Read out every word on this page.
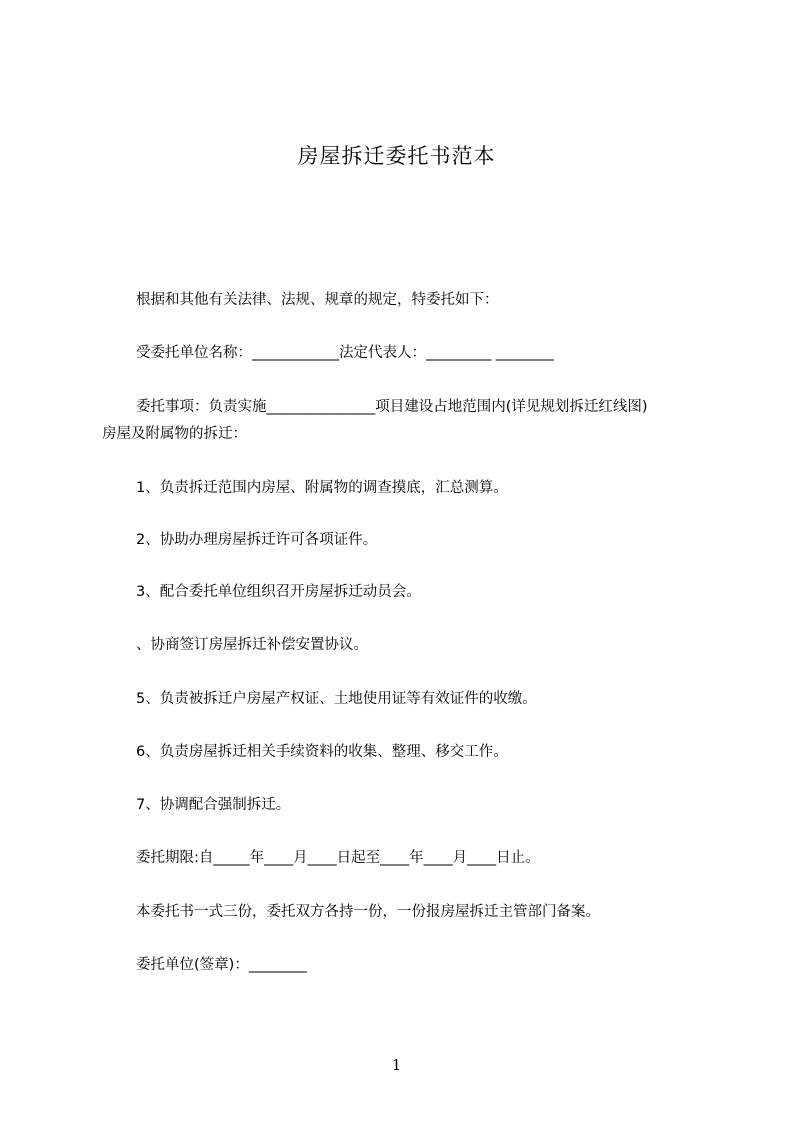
房屋拆迁委托书范本

根据和其他有关法律、法规、规章的规定，特委托如下：

受委托单位名称：____________法定代表人：_________ ________

委托事项：负责实施_______________项目建设占地范围内(详见规划拆迁红线图)

房屋及附属物的拆迁：

1、负责拆迁范围内房屋、附属物的调查摸底，汇总测算。

2、协助办理房屋拆迁许可各项证件。

3、配合委托单位组织召开房屋拆迁动员会。

、协商签订房屋拆迁补偿安置协议。

5、负责被拆迁户房屋产权证、土地使用证等有效证件的收缴。

6、负责房屋拆迁相关手续资料的收集、整理、移交工作。

7、协调配合强制拆迁。

委托期限:自_____年____月____日起至____年____月____日止。

本委托书一式三份，委托双方各持一份，一份报房屋拆迁主管部门备案。

委托单位(签章)：________

1
